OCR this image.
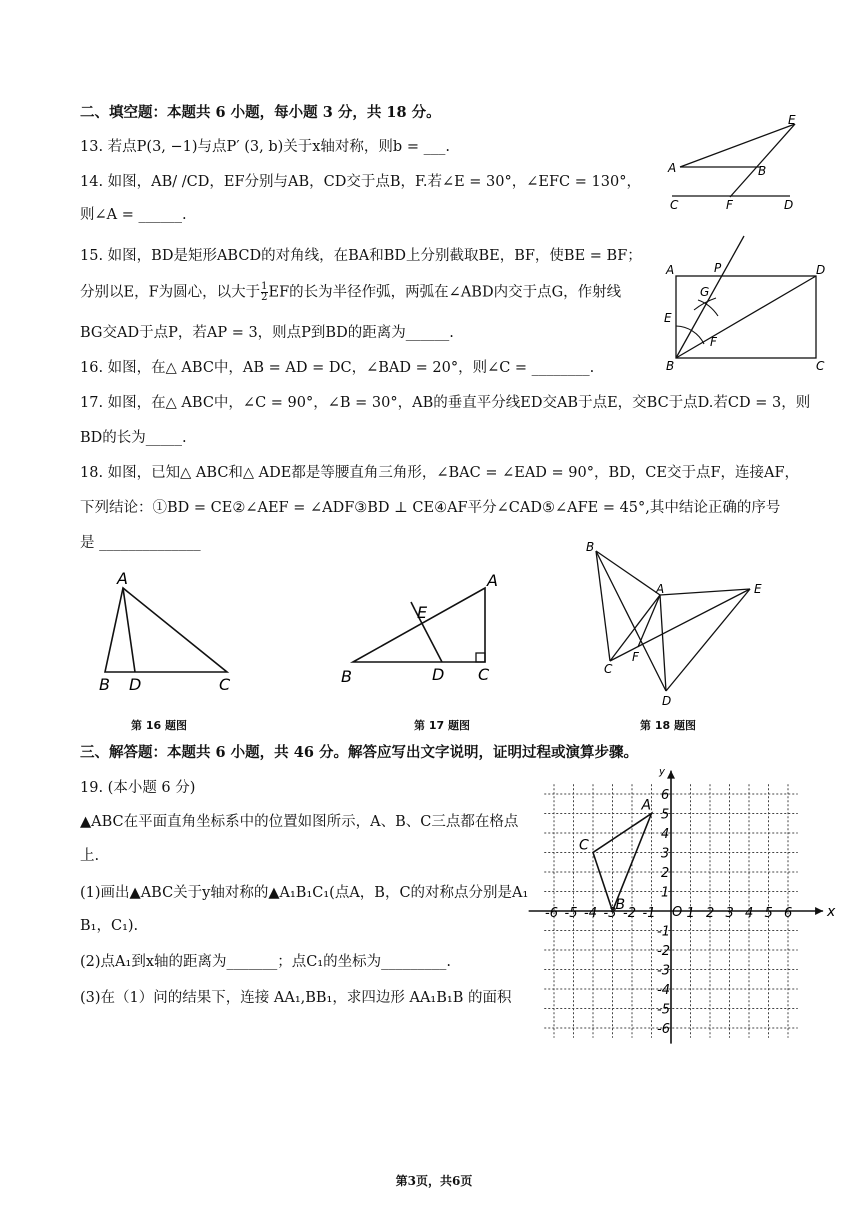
二、填空题：本题共 6 小题，每小题 3 分，共 18 分。
13. 若点P(3, −1)与点P′ (3, b)关于x轴对称，则b = ___.
14. 如图，AB/ /CD，EF分别与AB，CD交于点B，F.若∠E = 30°，∠EFC = 130°，
则∠A = ______.
E
A	B
C	F	D
15. 如图，BD是矩形ABCD的对角线，在BA和BD上分别截取BE，BF，使BE = BF；
分别以E，F为圆心，以大于 $\frac{1}{2}$ EF的长为半径作弧，两弧在∠ABD内交于点G，作射线
BG交AD于点P，若AP = 3，则点P到BD的距离为______.
A	P	D
G
E
F
B	C
16. 如图，在△ ABC中，AB = AD = DC，∠BAD = 20°，则∠C = ________.
17. 如图，在△ ABC中，∠C = 90°，∠B = 30°，AB的垂直平分线ED交AB于点E，交BC于点D.若CD = 3，则
BD的长为_____.
18. 如图，已知△ ABC和△ ADE都是等腰直角三角形，∠BAC = ∠EAD = 90°，BD，CE交于点F，连接AF，
下列结论：①BD = CE②∠AEF = ∠ADF③BD ⊥ CE④AF平分∠CAD⑤∠AFE = 45°,其中结论正确的序号
是 ______________
A
B D	C
第 16 题图
A
E
B	D C
第 17 题图
B
A	E
C
F
D
第 18 题图
三、解答题：本题共 6 小题，共 46 分。解答应写出文字说明，证明过程或演算步骤。
19. (本小题 6 分)
▲ABC在平面直角坐标系中的位置如图所示，A、B、C三点都在格点
上.
(1)画出▲ABC关于y轴对称的▲A₁B₁C₁(点A，B，C的对称点分别是A₁
B₁，C₁).
(2)点A₁到x轴的距离为_______；点C₁的坐标为_________.
(3)在（1）问的结果下，连接 AA₁,BB₁，求四边形 AA₁B₁B 的面积
x
y
O
-6 -5 -4 -3 -2 -1 1 2 3 4 5 6
6
5
4
3
2
1
-1
-2
-3
-4
-5
-6
A
B
C
第3页，共6页
